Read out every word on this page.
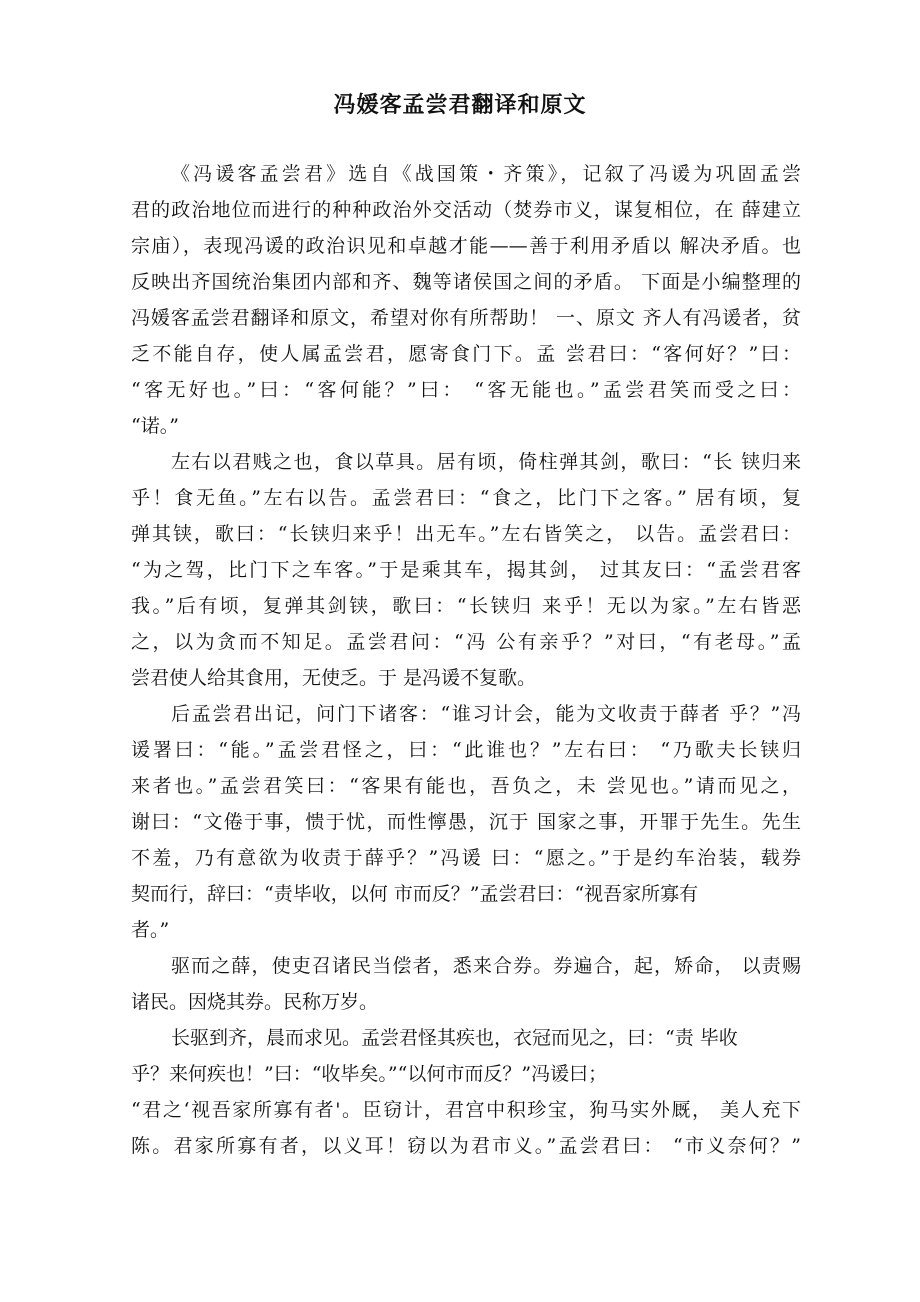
冯媛客孟尝君翻译和原文
《冯谖客孟尝君》选自《战国策・齐策》，记叙了冯谖为巩固孟尝
君的政治地位而进行的种种政治外交活动（焚券市义，谋复相位，在 薛建立
宗庙），表现冯谖的政治识见和卓越才能——善于利用矛盾以 解决矛盾。也
反映出齐国统治集团内部和齐、魏等诸侯国之间的矛盾。 下面是小编整理的
冯媛客孟尝君翻译和原文，希望对你有所帮助！ 一、原文 齐人有冯谖者，贫
乏不能自存，使人属孟尝君，愿寄食门下。孟 尝君曰：“客何好？”曰：
“客无好也。”曰：“客何能？”曰： “客无能也。”孟尝君笑而受之曰：
“诺。”
左右以君贱之也，食以草具。居有顷，倚柱弹其剑，歌曰：“长 铗归来
乎！食无鱼。”左右以告。孟尝君曰：“食之，比门下之客。” 居有顷，复
弹其铗，歌曰：“长铗归来乎！出无车。”左右皆笑之， 以告。孟尝君曰：
“为之驾，比门下之车客。”于是乘其车，揭其剑， 过其友曰：“孟尝君客
我。”后有顷，复弹其剑铗，歌曰：“长铗归 来乎！无以为家。”左右皆恶
之，以为贪而不知足。孟尝君问：“冯 公有亲乎？”对曰，“有老母。”孟
尝君使人给其食用，无使乏。于 是冯谖不复歌。
后孟尝君出记，问门下诸客：“谁习计会，能为文收责于薛者 乎？”冯
谖署曰：“能。”孟尝君怪之，曰：“此谁也？”左右曰： “乃歌夫长铗归
来者也。”孟尝君笑曰：“客果有能也，吾负之，未 尝见也。”请而见之，
谢曰：“文倦于事，愦于忧，而性懧愚，沉于 国家之事，开罪于先生。先生
不羞，乃有意欲为收责于薛乎？”冯谖 曰：“愿之。”于是约车治装，载券
契而行，辞曰：“责毕收，以何 市而反？”孟尝君曰：“视吾家所寡有
者。”
驱而之薛，使吏召诸民当偿者，悉来合券。券遍合，起，矫命， 以责赐
诸民。因烧其券。民称万岁。
长驱到齐，晨而求见。孟尝君怪其疾也，衣冠而见之，曰：“责 毕收
乎？来何疾也！”曰：“收毕矣。”“以何市而反？”冯谖曰；
“君之‘视吾家所寡有者'。臣窃计，君宫中积珍宝，狗马实外厩， 美人充下
陈。君家所寡有者，以义耳！窃以为君市义。”孟尝君曰： “市义奈何？”
